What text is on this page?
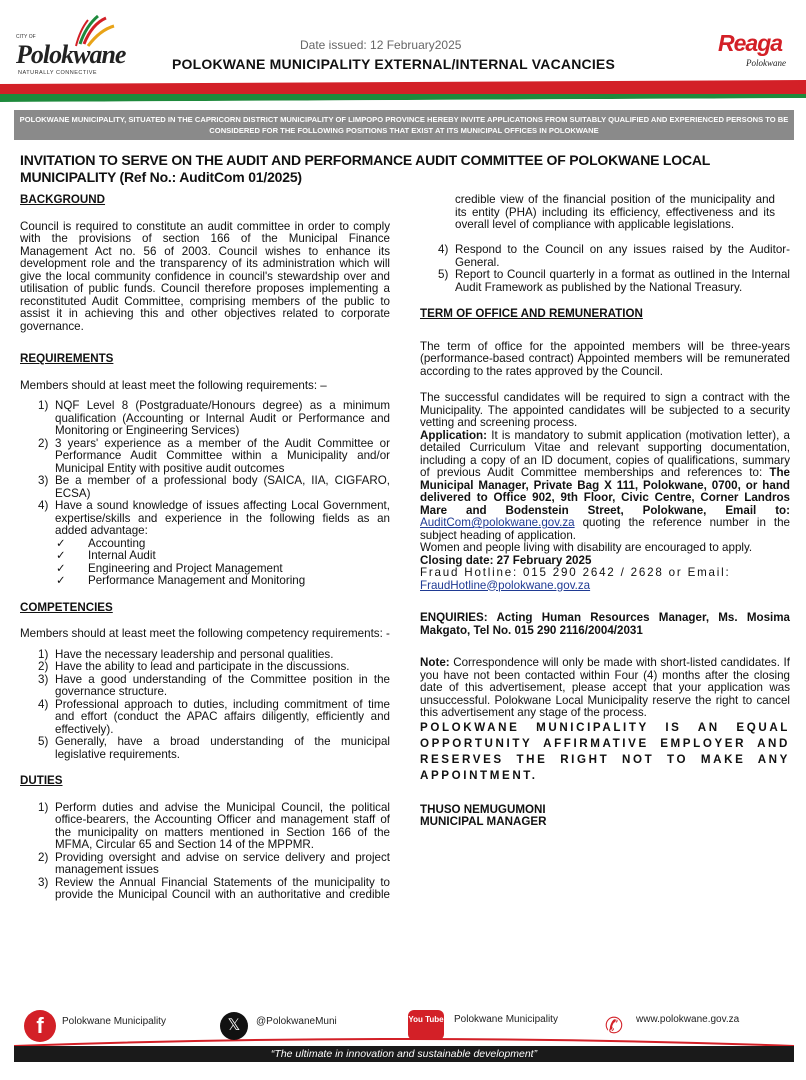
CITY OF
Polokwane
NATURALLY CONNECTIVE
Date issued: 12 February2025
POLOKWANE MUNICIPALITY EXTERNAL/INTERNAL VACANCIES
Reaga
Polokwane
POLOKWANE MUNICIPALITY, SITUATED IN THE CAPRICORN DISTRICT MUNICIPALITY OF LIMPOPO PROVINCE HEREBY INVITE APPLICATIONS FROM SUITABLY QUALIFIED AND EXPERIENCED PERSONS TO BE CONSIDERED FOR THE FOLLOWING POSITIONS THAT EXIST AT ITS MUNICIPAL OFFICES IN POLOKWANE
INVITATION TO SERVE ON THE AUDIT AND PERFORMANCE AUDIT COMMITTEE OF POLOKWANE LOCAL MUNICIPALITY (Ref No.: AuditCom 01/2025)
BACKGROUND
Council is required to constitute an audit committee in order to comply with the provisions of section 166 of the Municipal Finance Management Act no. 56 of 2003. Council wishes to enhance its development role and the transparency of its administration which will give the local community confidence in council's stewardship over and utilisation of public funds. Council therefore proposes implementing a reconstituted Audit Committee, comprising members of the public to assist it in achieving this and other objectives related to corporate governance.
REQUIREMENTS
Members should at least meet the following requirements: –
1) NQF Level 8 (Postgraduate/Honours degree) as a minimum qualification (Accounting or Internal Audit or Performance and Monitoring or Engineering Services)
2) 3 years' experience as a member of the Audit Committee or Performance Audit Committee within a Municipality and/or Municipal Entity with positive audit outcomes
3) Be a member of a professional body (SAICA, IIA, CIGFARO, ECSA)
4) Have a sound knowledge of issues affecting Local Government, expertise/skills and experience in the following fields as an added advantage:
✓ Accounting
✓ Internal Audit
✓ Engineering and Project Management
✓ Performance Management and Monitoring
COMPETENCIES
Members should at least meet the following competency requirements: -
1) Have the necessary leadership and personal qualities.
2) Have the ability to lead and participate in the discussions.
3) Have a good understanding of the Committee position in the governance structure.
4) Professional approach to duties, including commitment of time and effort (conduct the APAC affairs diligently, efficiently and effectively).
5) Generally, have a broad understanding of the municipal legislative requirements.
DUTIES
1) Perform duties and advise the Municipal Council, the political office-bearers, the Accounting Officer and management staff of the municipality on matters mentioned in Section 166 of the MFMA, Circular 65 and Section 14 of the MPPMR.
2) Providing oversight and advise on service delivery and project management issues
3) Review the Annual Financial Statements of the municipality to provide the Municipal Council with an authoritative and credible
credible view of the financial position of the municipality and its entity (PHA) including its efficiency, effectiveness and its overall level of compliance with applicable legislations.
4) Respond to the Council on any issues raised by the Auditor-General.
5) Report to Council quarterly in a format as outlined in the Internal Audit Framework as published by the National Treasury.
TERM OF OFFICE AND REMUNERATION
The term of office for the appointed members will be three-years (performance-based contract) Appointed members will be remunerated according to the rates approved by the Council.
The successful candidates will be required to sign a contract with the Municipality. The appointed candidates will be subjected to a security vetting and screening process.
Application: It is mandatory to submit application (motivation letter), a detailed Curriculum Vitae and relevant supporting documentation, including a copy of an ID document, copies of qualifications, summary of previous Audit Committee memberships and references to: The Municipal Manager, Private Bag X 111, Polokwane, 0700, or hand delivered to Office 902, 9th Floor, Civic Centre, Corner Landros Mare and Bodenstein Street, Polokwane, Email to: AuditCom@polokwane.gov.za quoting the reference number in the subject heading of application.
Women and people living with disability are encouraged to apply.
Closing date: 27 February 2025
Fraud Hotline: 015 290 2642 / 2628 or Email:
FraudHotline@polokwane.gov.za
ENQUIRIES: Acting Human Resources Manager, Ms. Mosima Makgato, Tel No. 015 290 2116/2004/2031
Note: Correspondence will only be made with short-listed candidates. If you have not been contacted within Four (4) months after the closing date of this advertisement, please accept that your application was unsuccessful. Polokwane Local Municipality reserve the right to cancel this advertisement any stage of the process.
POLOKWANE MUNICIPALITY IS AN EQUAL OPPORTUNITY AFFIRMATIVE EMPLOYER AND RESERVES THE RIGHT NOT TO MAKE ANY APPOINTMENT.
THUSO NEMUGUMONI
MUNICIPAL MANAGER
f	Polokwane Municipality	𝕏	@PolokwaneMuni	You Tube Polokwane Municipality	✆	www.polokwane.gov.za
“The ultimate in innovation and sustainable development”
